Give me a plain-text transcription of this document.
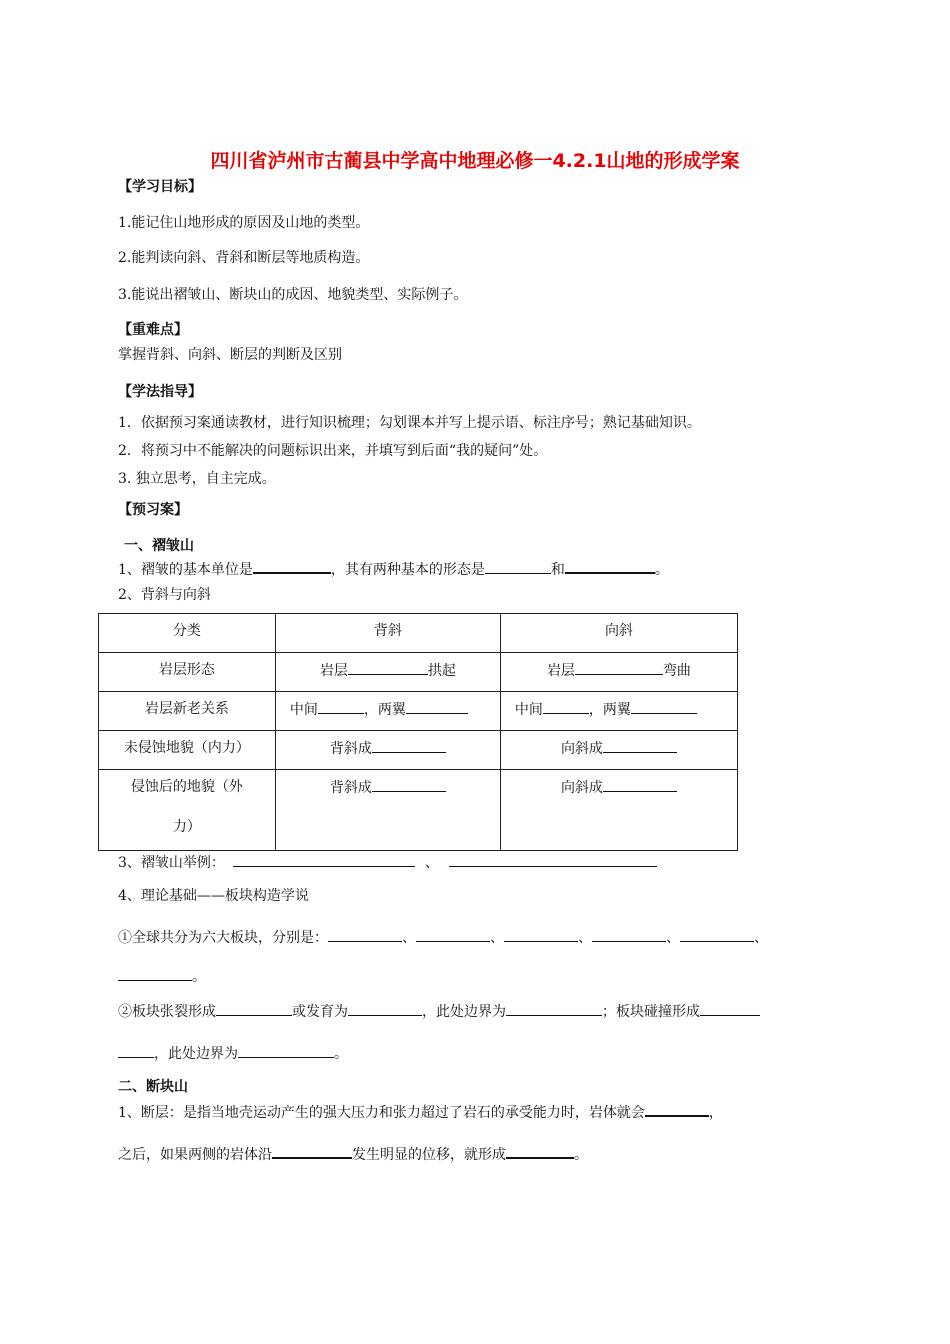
四川省泸州市古蔺县中学高中地理必修一4.2.1山地的形成学案
【学习目标】
1.能记住山地形成的原因及山地的类型。
2.能判读向斜、背斜和断层等地质构造。
3.能说出褶皱山、断块山的成因、地貌类型、实际例子。
【重难点】
掌握背斜、向斜、断层的判断及区别
【学法指导】
1．依据预习案通读教材，进行知识梳理；勾划课本并写上提示语、标注序号；熟记基础知识。
2．将预习中不能解决的问题标识出来，并填写到后面“我的疑问”处。
3. 独立思考，自主完成。
【预习案】
一、褶皱山
1、褶皱的基本单位是	，其有两种基本的形态是	和	。
2、背斜与向斜
分类	背斜	向斜
岩层形态	岩层 拱起	岩层 弯曲
岩层新老关系	中间 ，两翼	中间 ，两翼
未侵蚀地貌（内力）	背斜成	向斜成

侵蚀后的地貌（外
力）	背斜成	向斜成
3、褶皱山举例：	、
4、理论基础——板块构造学说
①全球共分为六大板块，分别是：	、	、	、	、	、
。
②板块张裂形成	或发育为	，此处边界为	；板块碰撞形成
，此处边界为	。
二、断块山
1、断层：是指当地壳运动产生的强大压力和张力超过了岩石的承受能力时，岩体就会	，
之后，如果两侧的岩体沿	发生明显的位移，就形成	。
